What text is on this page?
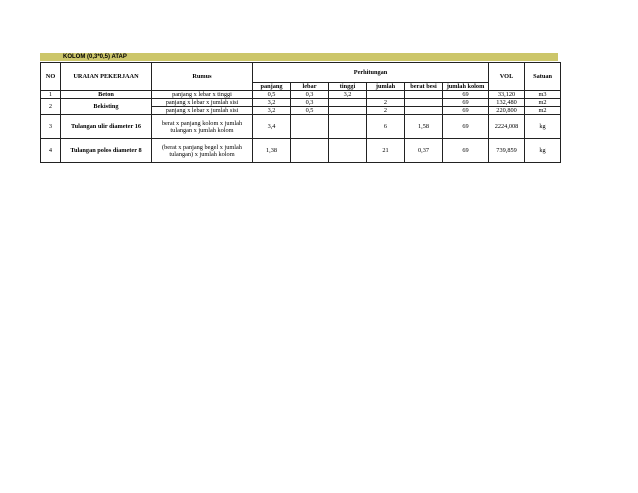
KOLOM (0,3*0,5) ATAP
NO	URAIAN PEKERJAAN	Rumus	Perhitungan						VOL	Satuan
			panjang	lebar	tinggi	jumlah	berat besi	jumlah kolom		
1	Beton	panjang x lebar x tinggi	0,5	0,3	3,2			69	33,120	m3
2	Bekisting	panjang x lebar x jumlah sisi	3,2	0,3		2		69	132,480	m2
		panjang x lebar x jumlah sisi	3,2	0,5		2		69	220,800	m2
3	Tulangan ulir diameter 16	berat x panjang kolom x jumlah tulangan x jumlah kolom	3,4			6	1,58	69	2224,008	kg
4	Tulangan polos diameter 8	(berat x panjang begel x jumlah tulangan) x jumlah kolom	1,38			21	0,37	69	739,859	kg
